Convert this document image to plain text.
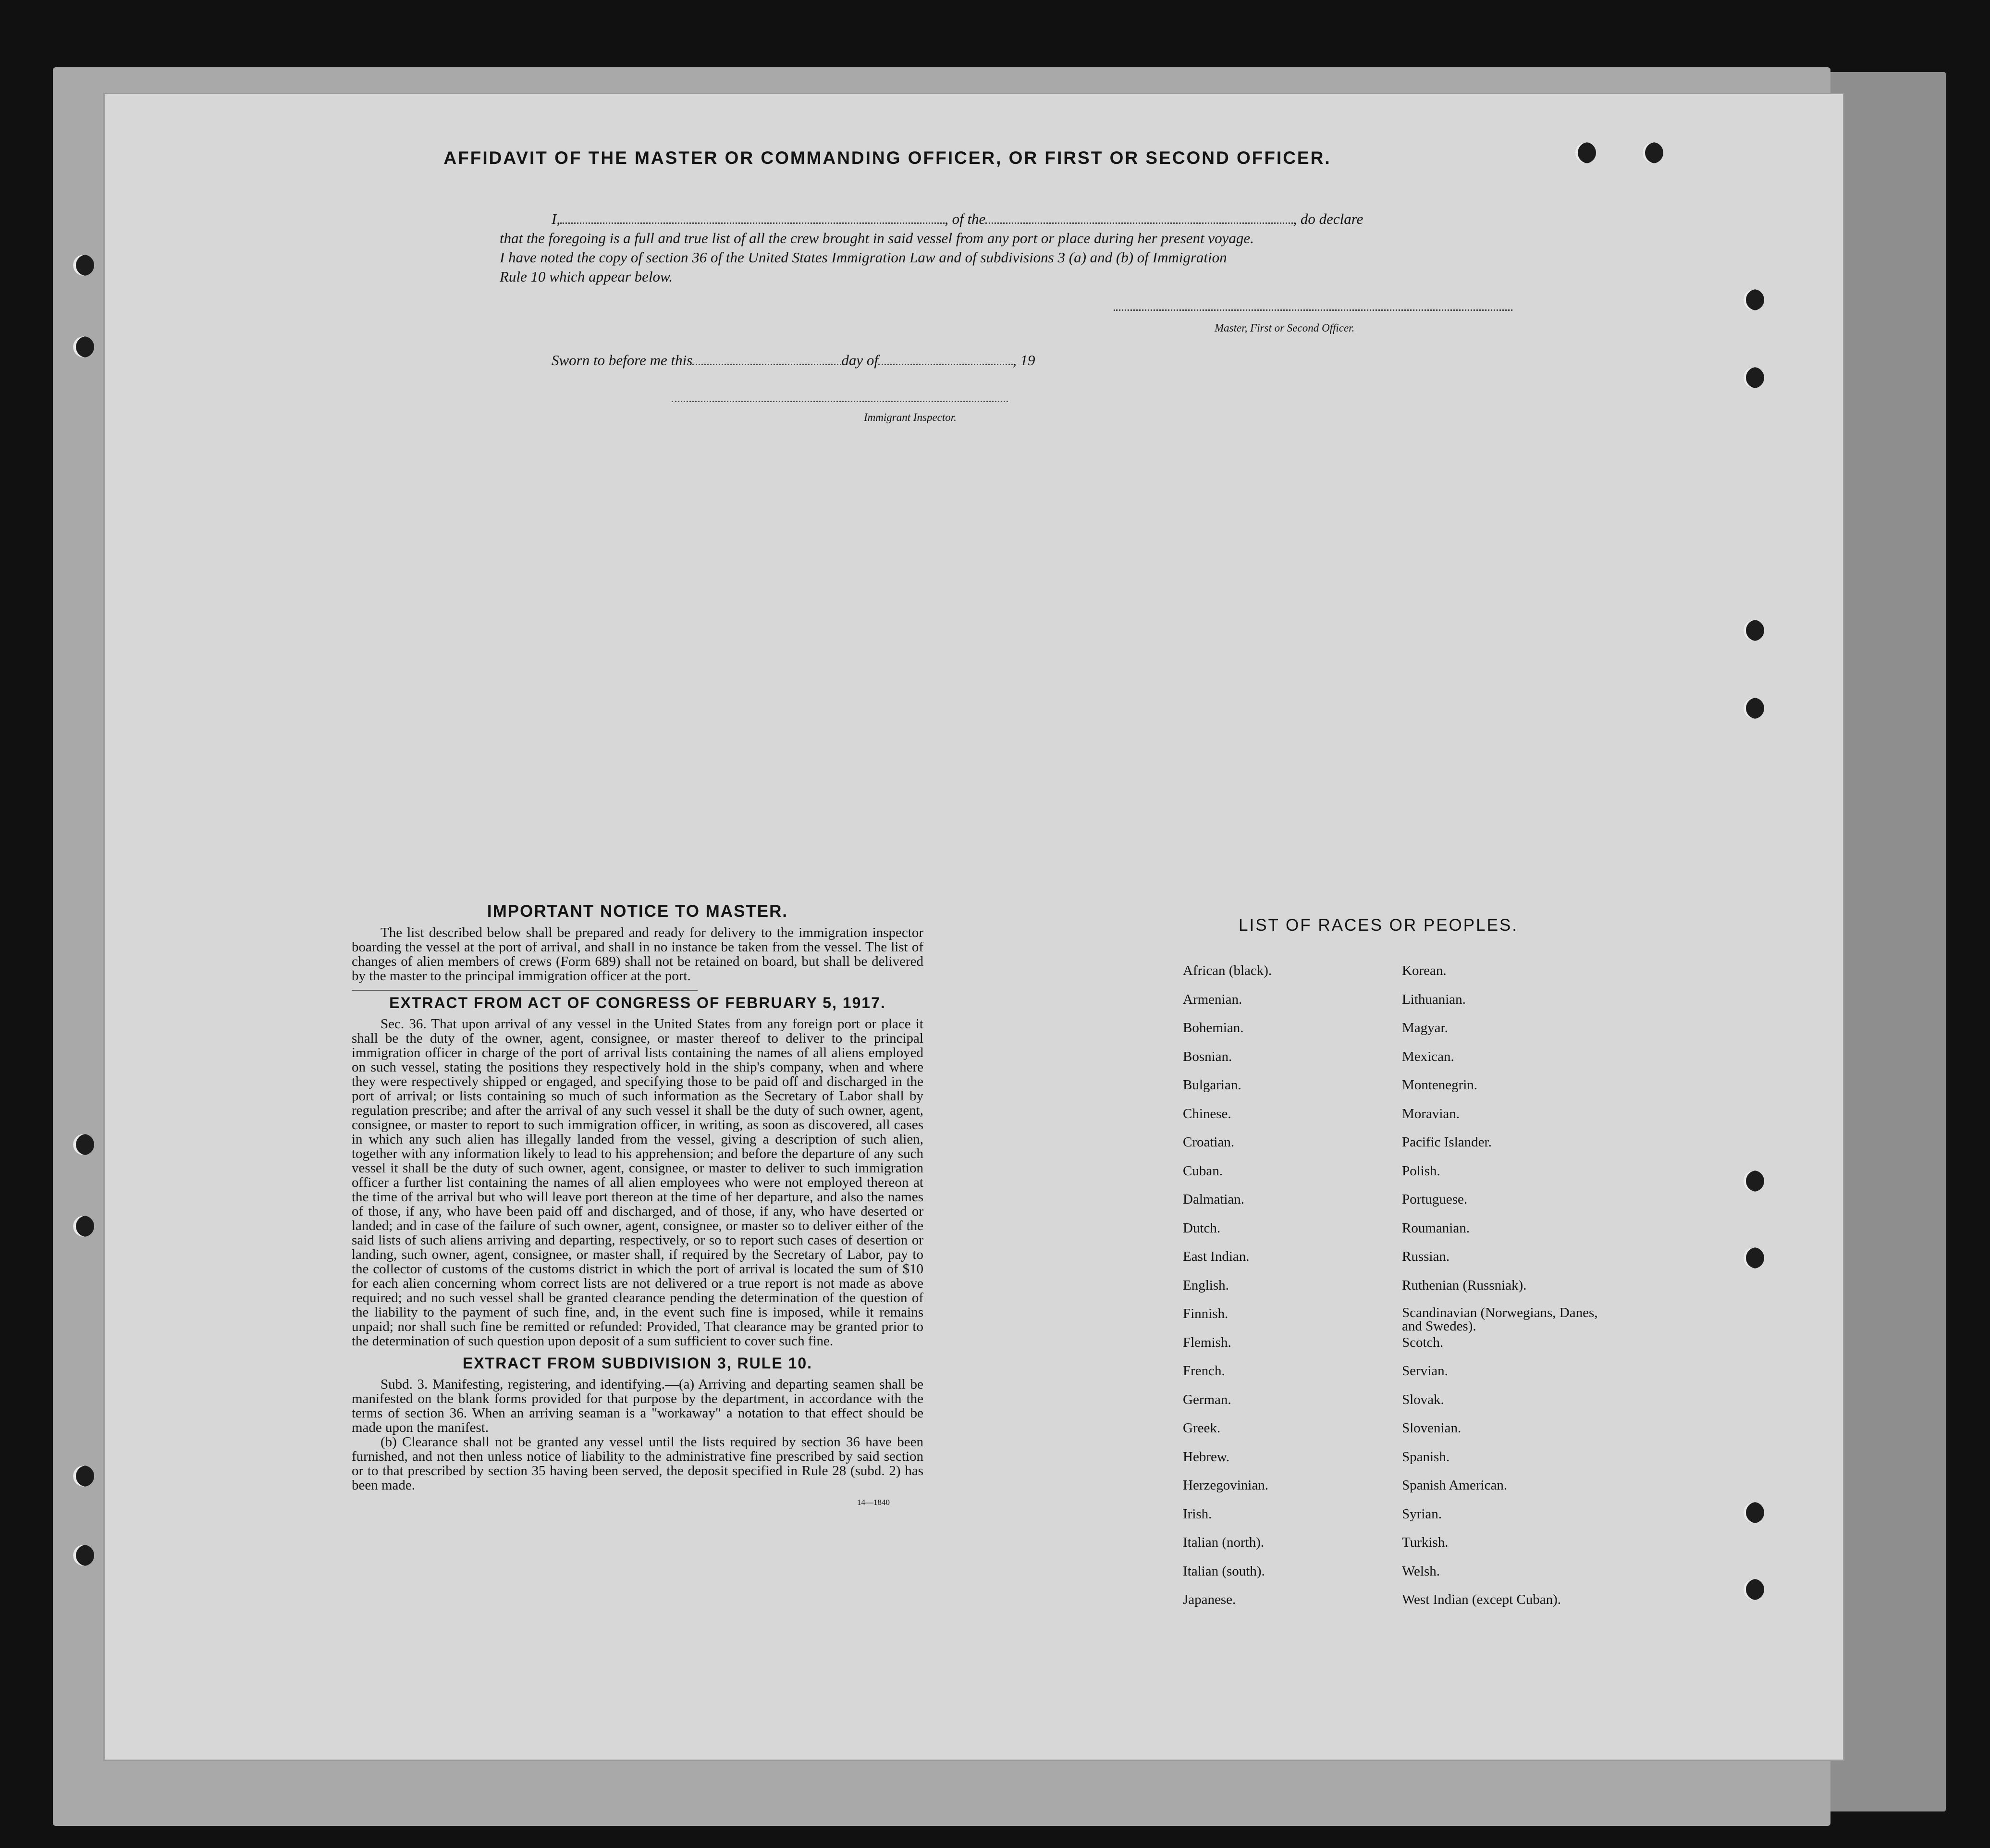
AFFIDAVIT OF THE MASTER OR COMMANDING OFFICER, OR FIRST OR SECOND OFFICER.
I,	, of the	, do declare
that the foregoing is a full and true list of all the crew brought in said vessel from any port or place during her present voyage.
I have noted the copy of section 36 of the United States Immigration Law and of subdivisions 3 (a) and (b) of Immigration
Rule 10 which appear below.
Master, First or Second Officer.
Sworn to before me this	day of	, 19
Immigrant Inspector.
IMPORTANT NOTICE TO MASTER.

The list described below shall be prepared and ready for delivery to the immigration inspector boarding the vessel at the port of arrival, and shall in no instance be taken from the vessel. The list of changes of alien members of crews (Form 689) shall not be retained on board, but shall be delivered by the master to the principal immigration officer at the port.

EXTRACT FROM ACT OF CONGRESS OF FEBRUARY 5, 1917.

Sec. 36. That upon arrival of any vessel in the United States from any foreign port or place it shall be the duty of the owner, agent, consignee, or master thereof to deliver to the principal immigration officer in charge of the port of arrival lists containing the names of all aliens employed on such vessel, stating the positions they respectively hold in the ship's company, when and where they were respectively shipped or engaged, and specifying those to be paid off and discharged in the port of arrival; or lists containing so much of such information as the Secretary of Labor shall by regulation prescribe; and after the arrival of any such vessel it shall be the duty of such owner, agent, consignee, or master to report to such immigration officer, in writing, as soon as discovered, all cases in which any such alien has illegally landed from the vessel, giving a description of such alien, together with any information likely to lead to his apprehension; and before the departure of any such vessel it shall be the duty of such owner, agent, consignee, or master to deliver to such immigration officer a further list containing the names of all alien employees who were not employed thereon at the time of the arrival but who will leave port thereon at the time of her departure, and also the names of those, if any, who have been paid off and discharged, and of those, if any, who have deserted or landed; and in case of the failure of such owner, agent, consignee, or master so to deliver either of the said lists of such aliens arriving and departing, respectively, or so to report such cases of desertion or landing, such owner, agent, consignee, or master shall, if required by the Secretary of Labor, pay to the collector of customs of the customs district in which the port of arrival is located the sum of $10 for each alien concerning whom correct lists are not delivered or a true report is not made as above required; and no such vessel shall be granted clearance pending the determination of the question of the liability to the payment of such fine, and, in the event such fine is imposed, while it remains unpaid; nor shall such fine be remitted or refunded: Provided, That clearance may be granted prior to the determination of such question upon deposit of a sum sufficient to cover such fine.

EXTRACT FROM SUBDIVISION 3, RULE 10.

Subd. 3. Manifesting, registering, and identifying.—(a) Arriving and departing seamen shall be manifested on the blank forms provided for that purpose by the department, in accordance with the terms of section 36. When an arriving seaman is a "workaway" a notation to that effect should be made upon the manifest.

(b) Clearance shall not be granted any vessel until the lists required by section 36 have been furnished, and not then unless notice of liability to the administrative fine prescribed by said section or to that prescribed by section 35 having been served, the deposit specified in Rule 28 (subd. 2) has been made.

14—1840
LIST OF RACES OR PEOPLES.
African (black).
Armenian.
Bohemian.
Bosnian.
Bulgarian.
Chinese.
Croatian.
Cuban.
Dalmatian.
Dutch.
East Indian.
English.
Finnish.
Flemish.
French.
German.
Greek.
Hebrew.
Herzegovinian.
Irish.
Italian (north).
Italian (south).
Japanese.
Korean.
Lithuanian.
Magyar.
Mexican.
Montenegrin.
Moravian.
Pacific Islander.
Polish.
Portuguese.
Roumanian.
Russian.
Ruthenian (Russniak).
Scandinavian (Norwegians, Danes, and Swedes).
Scotch.
Servian.
Slovak.
Slovenian.
Spanish.
Spanish American.
Syrian.
Turkish.
Welsh.
West Indian (except Cuban).
